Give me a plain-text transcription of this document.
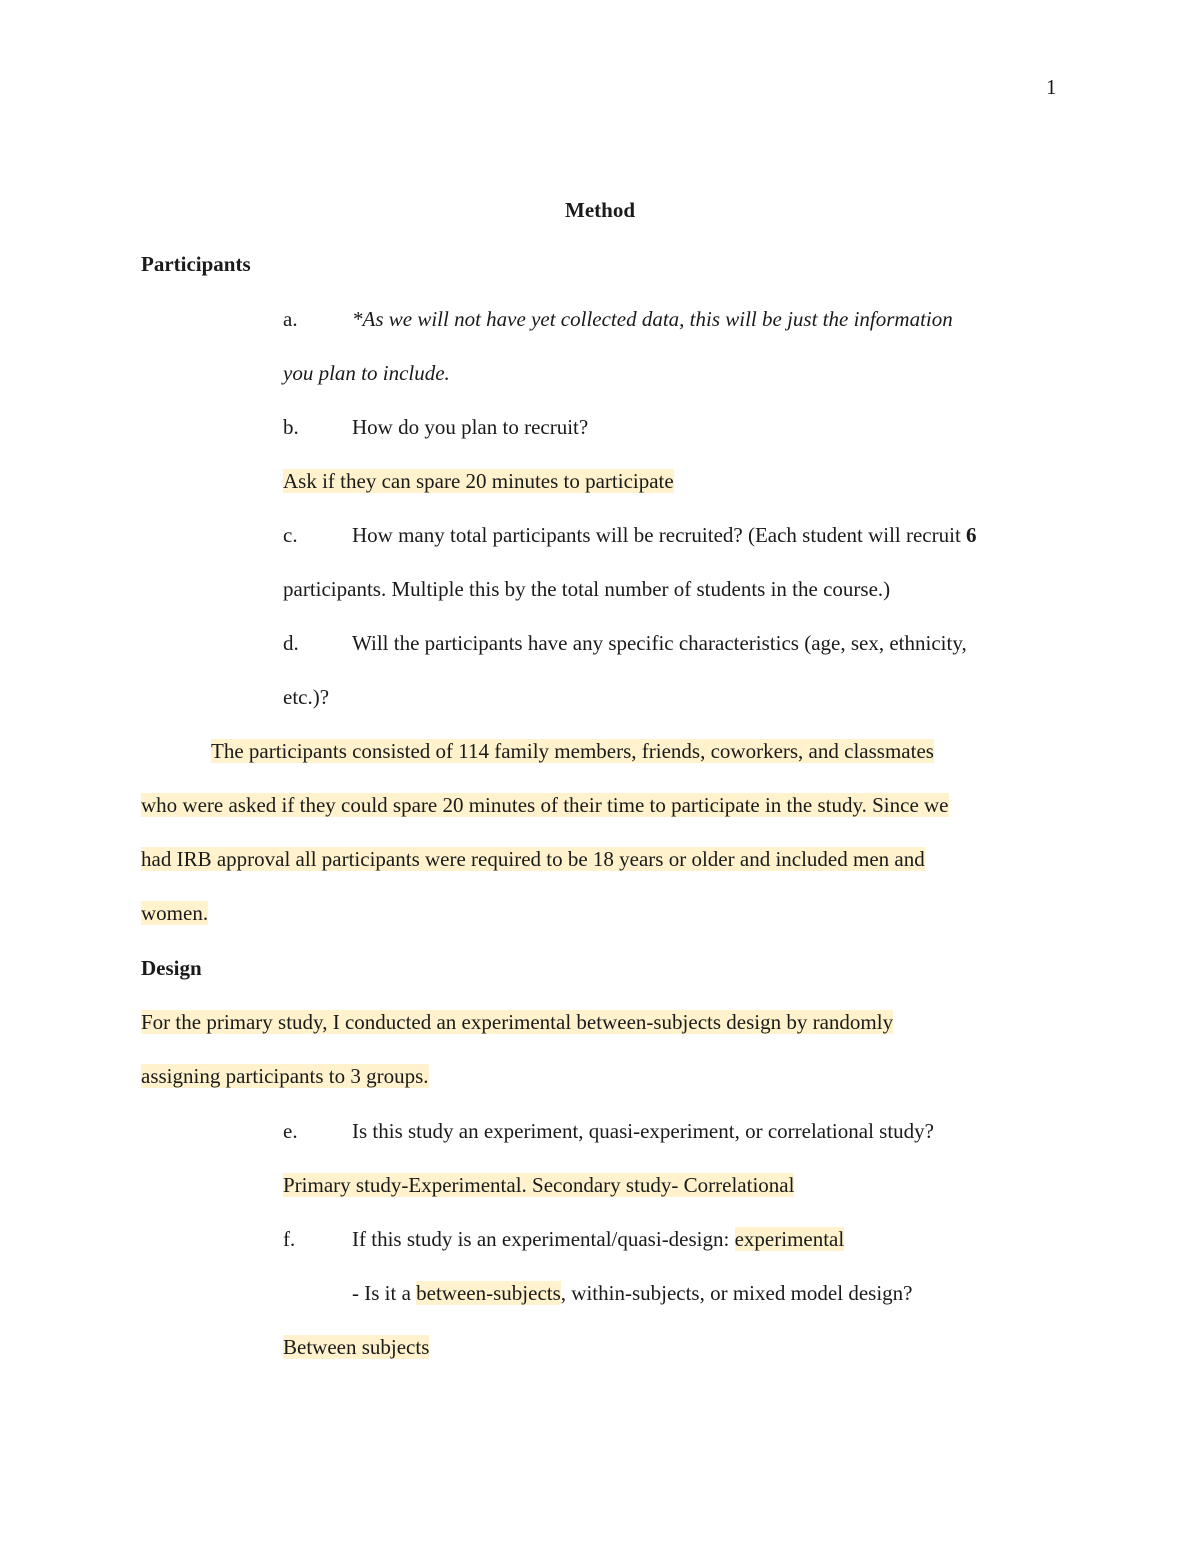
1
Method
Participants
a.	*As we will not have yet collected data, this will be just the information
you plan to include.
b.	How do you plan to recruit?
Ask if they can spare 20 minutes to participate
c.	How many total participants will be recruited? (Each student will recruit 6
participants. Multiple this by the total number of students in the course.)
d.	Will the participants have any specific characteristics (age, sex, ethnicity,
etc.)?
The participants consisted of 114 family members, friends, coworkers, and classmates
who were asked if they could spare 20 minutes of their time to participate in the study. Since we
had IRB approval all participants were required to be 18 years or older and included men and
women.
Design
For the primary study, I conducted an experimental between-subjects design by randomly
assigning participants to 3 groups.
e.	Is this study an experiment, quasi-experiment, or correlational study?
Primary study-Experimental. Secondary study- Correlational
f.	If this study is an experimental/quasi-design: experimental
- Is it a between-subjects, within-subjects, or mixed model design?
Between subjects
